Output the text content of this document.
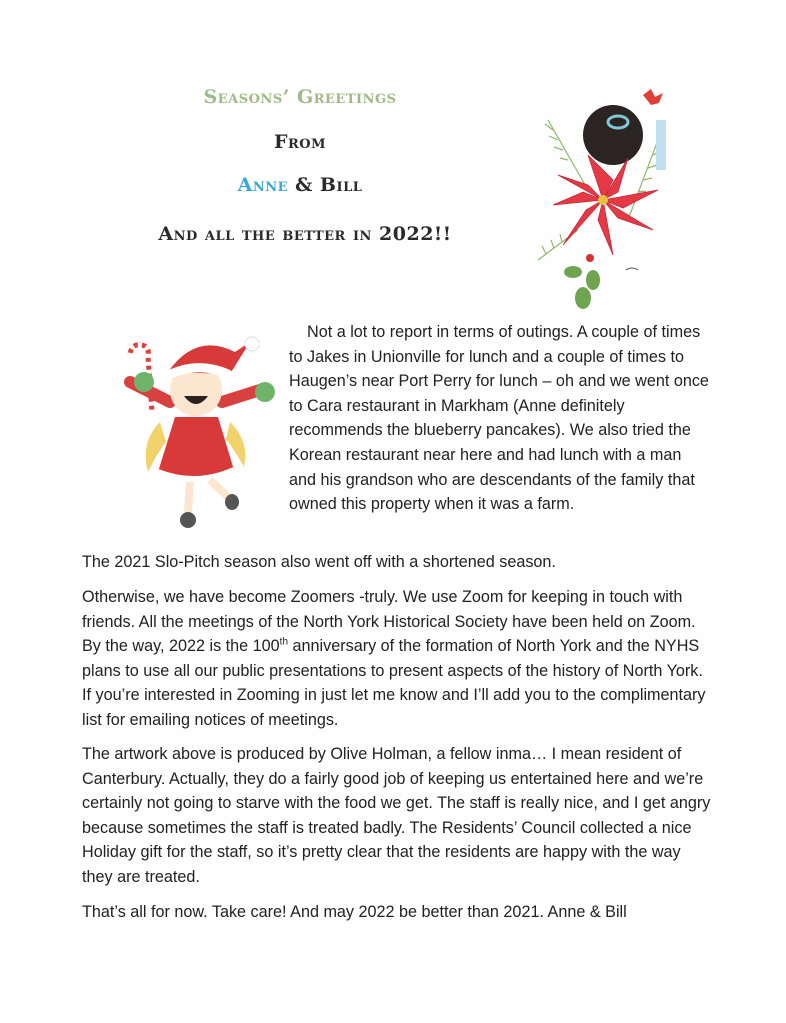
Seasons’ Greetings
From
Anne & Bill
And all the better in 2022!!

Not a lot to report in terms of outings. A couple of times to Jakes in Unionville for lunch and a couple of times to Haugen’s near Port Perry for lunch – oh and we went once to Cara restaurant in Markham (Anne definitely recommends the blueberry pancakes). We also tried the Korean restaurant near here and had lunch with a man and his grandson who are descendants of the family that owned this property when it was a farm.

The 2021 Slo-Pitch season also went off with a shortened season.

Otherwise, we have become Zoomers -truly. We use Zoom for keeping in touch with friends. All the meetings of the North York Historical Society have been held on Zoom. By the way, 2022 is the 100th anniversary of the formation of North York and the NYHS plans to use all our public presentations to present aspects of the history of North York. If you’re interested in Zooming in just let me know and I’ll add you to the complimentary list for emailing notices of meetings.

The artwork above is produced by Olive Holman, a fellow inma… I mean resident of Canterbury. Actually, they do a fairly good job of keeping us entertained here and we’re certainly not going to starve with the food we get. The staff is really nice, and I get angry because sometimes the staff is treated badly. The Residents’ Council collected a nice Holiday gift for the staff, so it’s pretty clear that the residents are happy with the way they are treated.

That’s all for now. Take care! And may 2022 be better than 2021. Anne & Bill
